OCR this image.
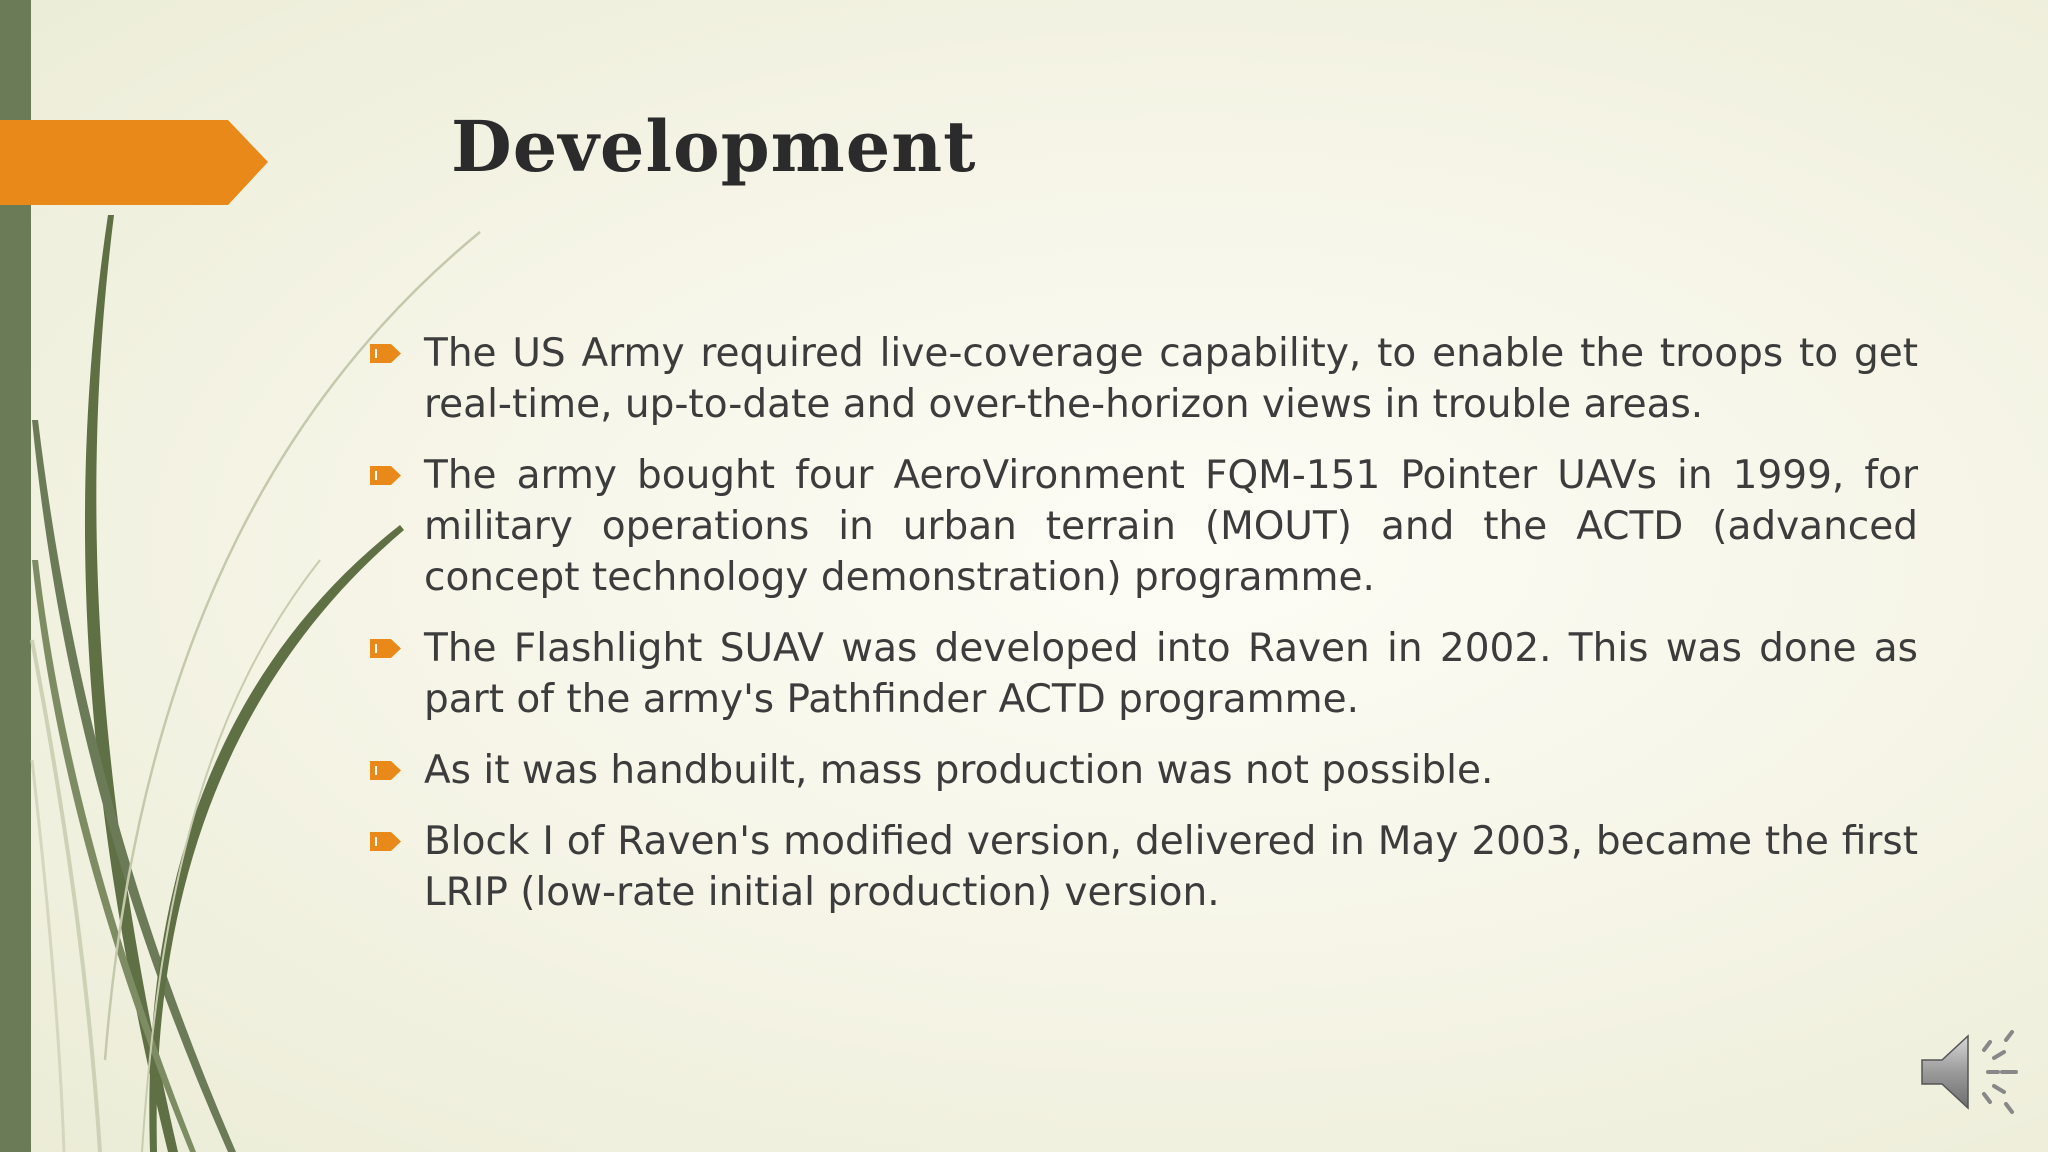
Development
The US Army required live-coverage capability, to enable the troops to get real-time, up-to-date and over-the-horizon views in trouble areas.
The army bought four AeroVironment FQM-151 Pointer UAVs in 1999, for military operations in urban terrain (MOUT) and the ACTD (advanced concept technology demonstration) programme.
The Flashlight SUAV was developed into Raven in 2002. This was done as part of the army's Pathfinder ACTD programme.
As it was handbuilt, mass production was not possible.
Block I of Raven's modified version, delivered in May 2003, became the first LRIP (low-rate initial production) version.
